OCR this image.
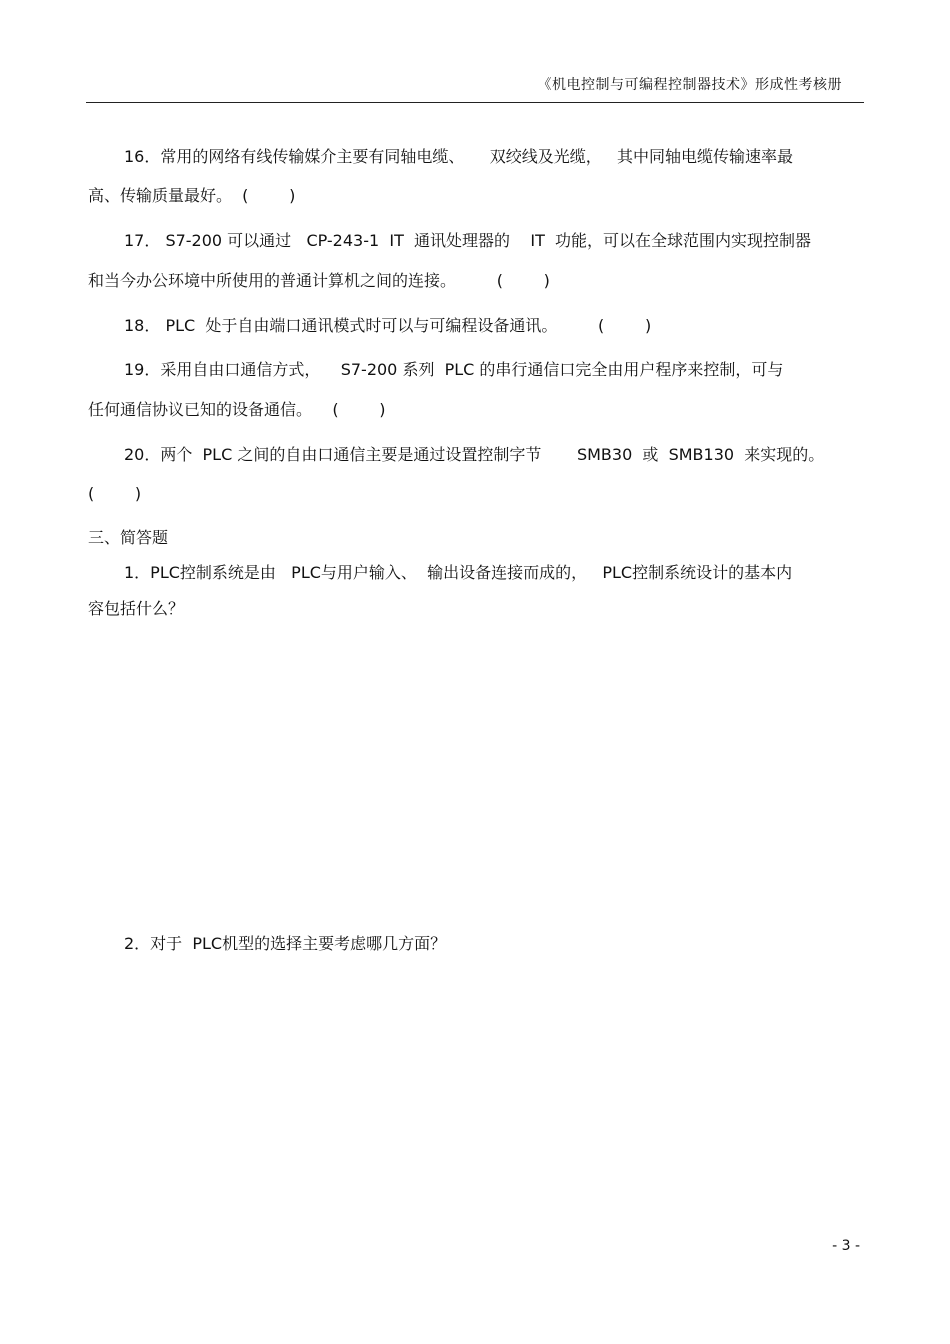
《机电控制与可编程控制器技术》形成性考核册
16．常用的网络有线传输媒介主要有同轴电缆、     双绞线及光缆，   其中同轴电缆传输速率最
高、传输质量最好。  (        )
17． S7-200 可以通过   CP-243-1  IT  通讯处理器的    IT  功能，可以在全球范围内实现控制器
和当今办公环境中所使用的普通计算机之间的连接。        (        )
18． PLC  处于自由端口通讯模式时可以与可编程设备通讯。        (        )
19．采用自由口通信方式，    S7-200 系列  PLC 的串行通信口完全由用户程序来控制，可与
任何通信协议已知的设备通信。    (        )
20．两个  PLC 之间的自由口通信主要是通过设置控制字节       SMB30  或  SMB130  来实现的。
(        )
三、简答题
1．PLC控制系统是由   PLC与用户输入、  输出设备连接而成的，   PLC控制系统设计的基本内
容包括什么？
2．对于  PLC机型的选择主要考虑哪几方面？
- 3 -
